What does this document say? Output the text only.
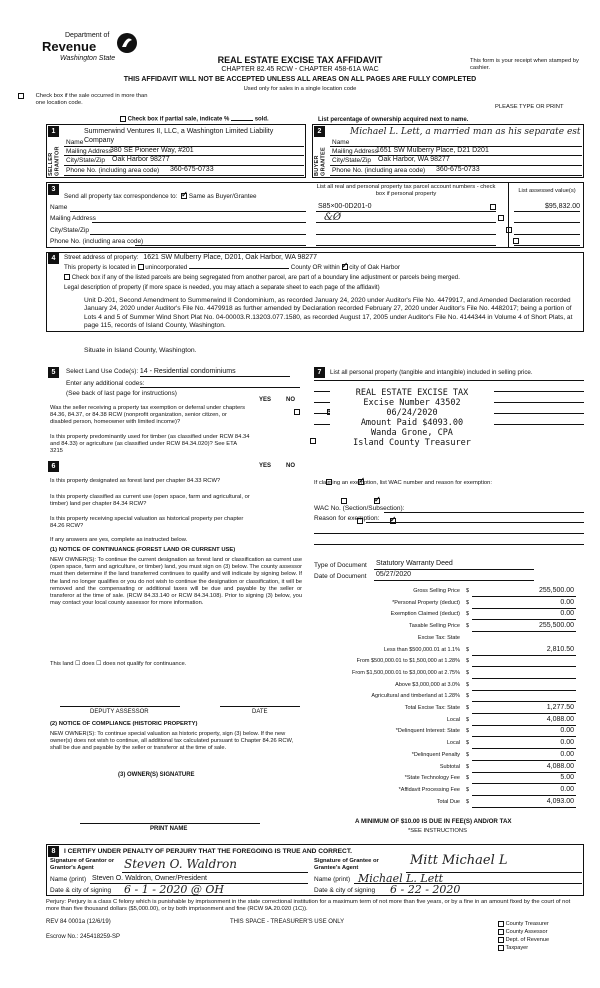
Department of
Revenue
Washington State	REAL ESTATE EXCISE TAX AFFIDAVIT
CHAPTER 82.45 RCW - CHAPTER 458-61A WAC
THIS AFFIDAVIT WILL NOT BE ACCEPTED UNLESS ALL AREAS ON ALL PAGES ARE FULLY COMPLETED
Used only for sales in a single location code
This form is your receipt when stamped by cashier.
Check box if the sale occurred in more than one location code.
PLEASE TYPE OR PRINT
Check box if partial sale, indicate %	sold.	List percentage of ownership acquired next to name.
1
SELLER GRANTOR
Name
Summerwind Ventures II, LLC, a Washington Limited Liability Company
Mailing Address
380 SE Pioneer Way, #201
City/State/Zip Oak Harbor 98277
Phone No. (including area code) 360-675-0733
2
BUYER GRANTEE
Name
Michael L. Lett, a married man as his separate est
Mailing Address
1651 SW Mulberry Place, D21 D201
City/State/Zip Oak Harbor, WA 98277
Phone No. (including area code) 360-675-0733
3
Send all property tax correspondence to: ✓ Same as Buyer/Grantee
Name
Mailing Address
City/State/Zip
Phone No. (including area code)
List all real and personal property tax parcel account numbers - check box if personal property	List assessed value(s)
S85×00-0D201-0
&Ø
$95,832.00

4	Street address of property: 1621 SW Mulberry Place, D201, Oak Harbor, WA 98277
This property is located in unincorporated	County OR within ✓ city of Oak Harbor
Check box if any of the listed parcels are being segregated from another parcel, are part of a boundary line adjustment or parcels being merged.
Legal description of property (if more space is needed, you may attach a separate sheet to each page of the affidavit)
Unit D-201, Second Amendment to Summerwind II Condominium, as recorded January 24, 2020 under Auditor's File No. 4479917, and Amended Declaration recorded January 24, 2020 under Auditor's File No. 4479918 as further amended by Declaration recorded February 27, 2020 under Auditor's File No. 4482017; being a portion of Lots 4 and 5 of Summer Wind Short Plat No. 04-00003.R.13203.077.1580, as recorded August 17, 2005 under Auditor's File No. 4144344 in Volume 4 of Short Plats, at page 115, records of Island County, Washington.
Situate in Island County, Washington.
5	Select Land Use Code(s): 14 - Residential condominiums
Enter any additional codes:
(See back of last page for instructions)
YES NO
Was the seller receiving a property tax exemption or deferral under chapters 84.36, 84.37, or 84.38 RCW (nonprofit organization, senior citizen, or disabled person, homeowner with limited income)?
✓
Is this property predominantly used for timber (as classified under RCW 84.34 and 84.33) or agriculture (as classified under RCW 84.34.020)? See ETA 3215
✓
6	YES NO
Is this property designated as forest land per chapter 84.33 RCW?
✓
Is this property classified as current use (open space, farm and agricultural, or timber) land per chapter 84.34 RCW?
✓
Is this property receiving special valuation as historical property per chapter 84.26 RCW?
✓
If any answers are yes, complete as instructed below.
(1) NOTICE OF CONTINUANCE (FOREST LAND OR CURRENT USE)
NEW OWNER(S): To continue the current designation as forest land or classification as current use (open space, farm and agriculture, or timber) land, you must sign on (3) below. The county assessor must then determine if the land transferred continues to qualify and will indicate by signing below. If the land no longer qualifies or you do not wish to continue the designation or classification, it will be removed and the compensating or additional taxes will be due and payable by the seller or transferor at the time of sale. (RCW 84.33.140 or RCW 84.34.108). Prior to signing (3) below, you may contact your local county assessor for more information.
This land ☐ does ☐ does not qualify for continuance.
DEPUTY ASSESSOR	DATE
(2) NOTICE OF COMPLIANCE (HISTORIC PROPERTY)
NEW OWNER(S): To continue special valuation as historic property, sign (3) below. If the new owner(s) does not wish to continue, all additional tax calculated pursuant to Chapter 84.26 RCW, shall be due and payable by the seller or transferor at the time of sale.
(3) OWNER(S) SIGNATURE
PRINT NAME
7	List all personal property (tangible and intangible) included in selling price.
REAL ESTATE EXCISE TAX
Excise Number 43502
06/24/2020
Amount Paid $4093.00
Wanda Grone, CPA
Island County Treasurer
If claiming an exemption, list WAC number and reason for exemption:
WAC No. (Section/Subsection):
Reason for exemption:
Type of Document Statutory Warranty Deed
Date of Document 05/27/2020
Gross Selling Price $	255,500.00
*Personal Property (deduct) $	0.00
Exemption Claimed (deduct) $	0.00
Taxable Selling Price $	255,500.00
Excise Tax: State
Less than $500,000.01 at 1.1% $	2,810.50
From $500,000.01 to $1,500,000 at 1.28% $
From $1,500,000.01 to $3,000,000 at 2.75% $
Above $3,000,000 at 3.0% $
Agricultural and timberland at 1.28% $
Total Excise Tax: State $	1,277.50
Local $	4,088.00
*Delinquent Interest: State $	0.00
Local $	0.00
*Delinquent Penalty $	0.00
Subtotal $	4,088.00
*State Technology Fee $	5.00
*Affidavit Processing Fee $	0.00
Total Due $	4,093.00
A MINIMUM OF $10.00 IS DUE IN FEE(S) AND/OR TAX
*SEE INSTRUCTIONS
8	I CERTIFY UNDER PENALTY OF PERJURY THAT THE FOREGOING IS TRUE AND CORRECT.
Signature of Grantor or Grantor's Agent	Steven O. Waldron	Signature of Grantee or Grantee's Agent	Mitt Michael L
Name (print) Steven O. Waldron, Owner/President	Name (print) Michael L. Lett
Date & city of signing 6 - 1 - 2020 @ OH	Date & city of signing 6 - 22 - 2020
Perjury: Perjury is a class C felony which is punishable by imprisonment in the state correctional institution for a maximum term of not more than five years, or by a fine in an amount fixed by the court of not more than five thousand dollars ($5,000.00), or by both imprisonment and fine (RCW 9A.20.020 (1C)).
REV 84 0001a (12/6/19)	THIS SPACE - TREASURER'S USE ONLY
Escrow No.: 245418259-SP
County Treasurer
County Assessor
Dept. of Revenue
Taxpayer
